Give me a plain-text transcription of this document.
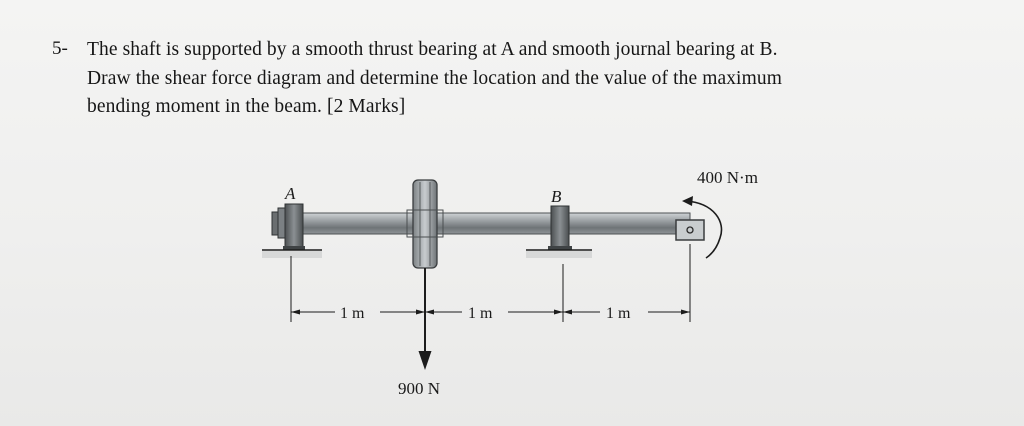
5- The shaft is supported by a smooth thrust bearing at A and smooth journal bearing at B.
Draw the shear force diagram and determine the location and the value of the maximum
bending moment in the beam. [2 Marks]
A	B
400 N·m
1 m	1 m	1 m
900 N
